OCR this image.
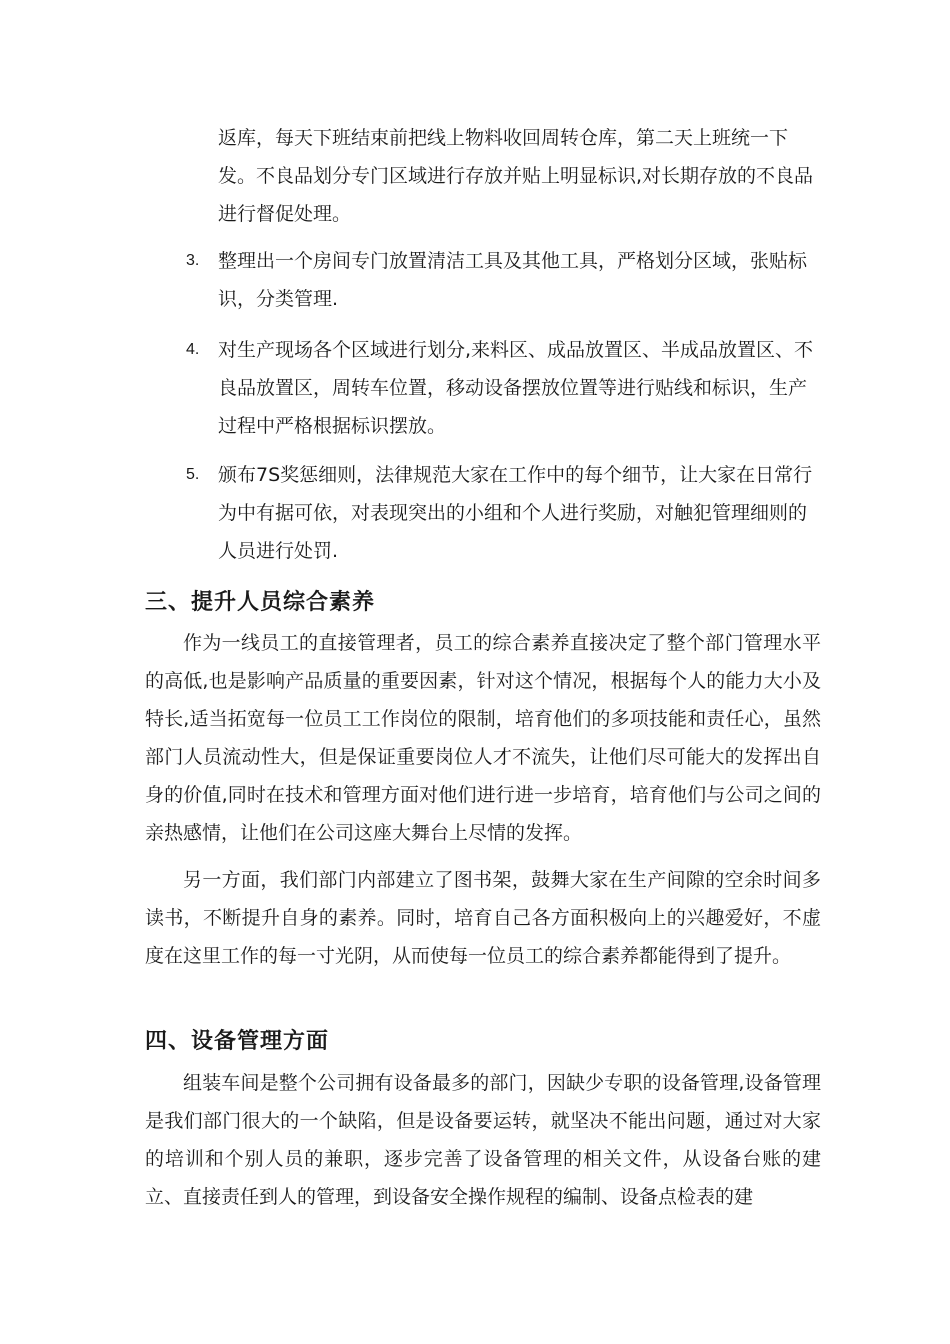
返库，每天下班结束前把线上物料收回周转仓库，第二天上班统一下发。不良品划分专门区域进行存放并贴上明显标识,对长期存放的不良品进行督促处理。
3. 整理出一个房间专门放置清洁工具及其他工具，严格划分区域，张贴标识，分类管理.
4. 对生产现场各个区域进行划分,来料区、成品放置区、半成品放置区、不良品放置区，周转车位置，移动设备摆放位置等进行贴线和标识，生产过程中严格根据标识摆放。
5. 颁布7S奖惩细则，法律规范大家在工作中的每个细节，让大家在日常行为中有据可依，对表现突出的小组和个人进行奖励，对触犯管理细则的人员进行处罚.
三、提升人员综合素养
作为一线员工的直接管理者，员工的综合素养直接决定了整个部门管理水平的高低,也是影响产品质量的重要因素，针对这个情况，根据每个人的能力大小及特长,适当拓宽每一位员工工作岗位的限制，培育他们的多项技能和责任心，虽然部门人员流动性大，但是保证重要岗位人才不流失，让他们尽可能大的发挥出自身的价值,同时在技术和管理方面对他们进行进一步培育，培育他们与公司之间的亲热感情，让他们在公司这座大舞台上尽情的发挥。
另一方面，我们部门内部建立了图书架，鼓舞大家在生产间隙的空余时间多读书，不断提升自身的素养。同时，培育自己各方面积极向上的兴趣爱好，不虚度在这里工作的每一寸光阴，从而使每一位员工的综合素养都能得到了提升。
四、设备管理方面
组装车间是整个公司拥有设备最多的部门，因缺少专职的设备管理,设备管理是我们部门很大的一个缺陷，但是设备要运转，就坚决不能出问题，通过对大家的培训和个别人员的兼职，逐步完善了设备管理的相关文件，从设备台账的建立、直接责任到人的管理，到设备安全操作规程的编制、设备点检表的建
